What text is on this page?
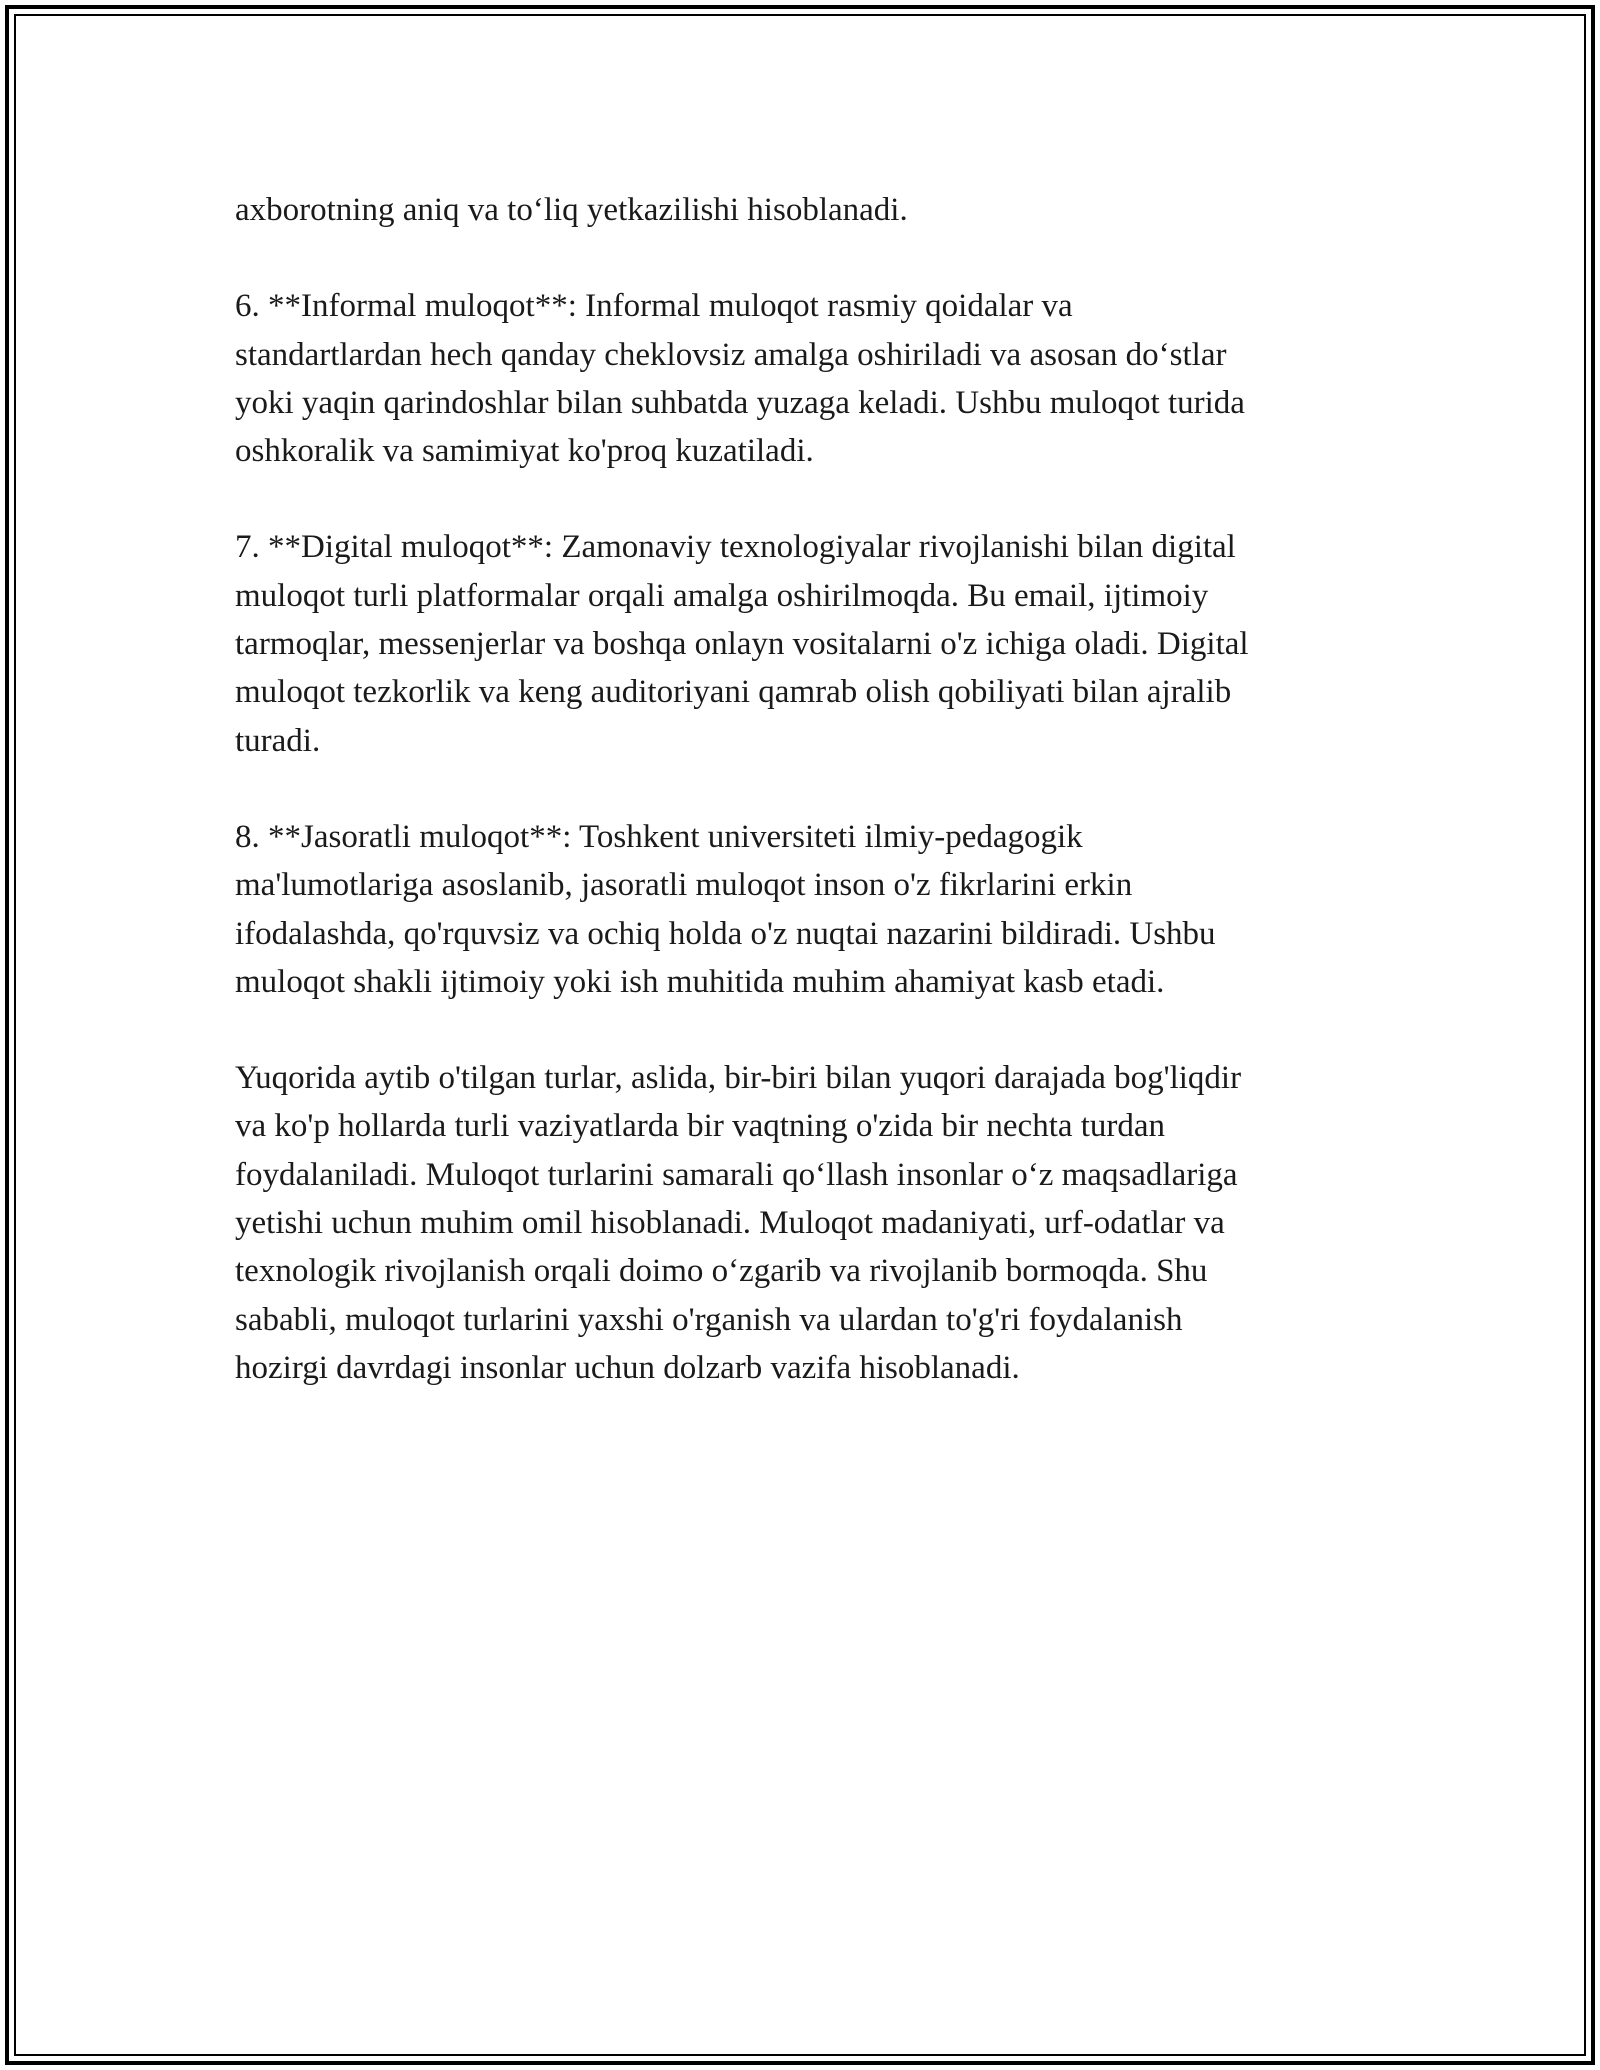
axborotning aniq va to‘liq yetkazilishi hisoblanadi.

6. **Informal muloqot**: Informal muloqot rasmiy qoidalar va
standartlardan hech qanday cheklovsiz amalga oshiriladi va asosan do‘stlar
yoki yaqin qarindoshlar bilan suhbatda yuzaga keladi. Ushbu muloqot turida
oshkoralik va samimiyat ko'proq kuzatiladi.

7. **Digital muloqot**: Zamonaviy texnologiyalar rivojlanishi bilan digital
muloqot turli platformalar orqali amalga oshirilmoqda. Bu email, ijtimoiy
tarmoqlar, messenjerlar va boshqa onlayn vositalarni o'z ichiga oladi. Digital
muloqot tezkorlik va keng auditoriyani qamrab olish qobiliyati bilan ajralib
turadi.

8. **Jasoratli muloqot**: Toshkent universiteti ilmiy-pedagogik
ma'lumotlariga asoslanib, jasoratli muloqot inson o'z fikrlarini erkin
ifodalashda, qo'rquvsiz va ochiq holda o'z nuqtai nazarini bildiradi. Ushbu
muloqot shakli ijtimoiy yoki ish muhitida muhim ahamiyat kasb etadi.

Yuqorida aytib o'tilgan turlar, aslida, bir-biri bilan yuqori darajada bog'liqdir
va ko'p hollarda turli vaziyatlarda bir vaqtning o'zida bir nechta turdan
foydalaniladi. Muloqot turlarini samarali qo‘llash insonlar o‘z maqsadlariga
yetishi uchun muhim omil hisoblanadi. Muloqot madaniyati, urf-odatlar va
texnologik rivojlanish orqali doimo o‘zgarib va rivojlanib bormoqda. Shu
sababli, muloqot turlarini yaxshi o'rganish va ulardan to'g'ri foydalanish
hozirgi davrdagi insonlar uchun dolzarb vazifa hisoblanadi.
